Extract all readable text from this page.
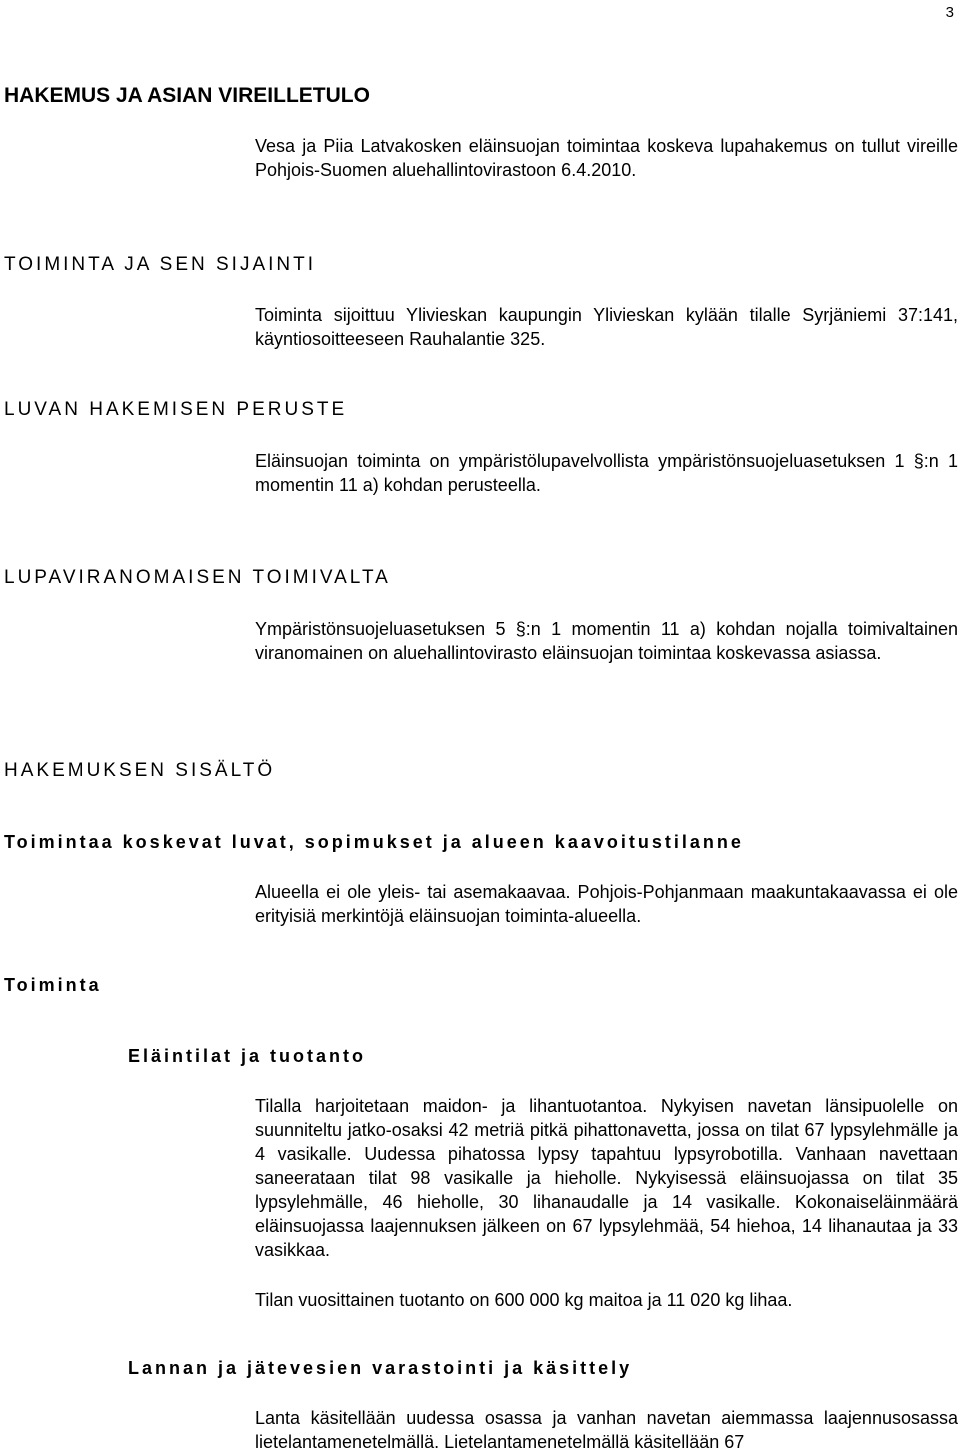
3
HAKEMUS JA ASIAN VIREILLETULO

Vesa ja Piia Latvakosken eläinsuojan toimintaa koskeva lupahakemus on tullut vireille Pohjois-Suomen aluehallintovirastoon 6.4.2010.

TOIMINTA JA SEN SIJAINTI

Toiminta sijoittuu Ylivieskan kaupungin Ylivieskan kylään tilalle Syrjäniemi 37:141, käyntiosoitteeseen Rauhalantie 325.

LUVAN HAKEMISEN PERUSTE

Eläinsuojan toiminta on ympäristölupavelvollista ympäristönsuojeluasetuksen 1 §:n 1 momentin 11 a) kohdan perusteella.

LUPAVIRANOMAISEN TOIMIVALTA

Ympäristönsuojeluasetuksen 5 §:n 1 momentin 11 a) kohdan nojalla toimivaltainen viranomainen on aluehallintovirasto eläinsuojan toimintaa koskevassa asiassa.

HAKEMUKSEN SISÄLTÖ
Toimintaa koskevat luvat, sopimukset ja alueen kaavoitustilanne

Alueella ei ole yleis- tai asemakaavaa. Pohjois-Pohjanmaan maakuntakaavassa ei ole erityisiä merkintöjä eläinsuojan toiminta-alueella.

Toiminta
Eläintilat ja tuotanto

Tilalla harjoitetaan maidon- ja lihantuotantoa. Nykyisen navetan länsipuolelle on suunniteltu jatko-osaksi 42 metriä pitkä pihattonavetta, jossa on tilat 67 lypsylehmälle ja 4 vasikalle. Uudessa pihatossa lypsy tapahtuu lypsyrobotilla. Vanhaan navettaan saneerataan tilat 98 vasikalle ja hieholle. Nykyisessä eläinsuojassa on tilat 35 lypsylehmälle, 46 hieholle, 30 lihanaudalle ja 14 vasikalle. Kokonaiseläinmäärä eläinsuojassa laajennuksen jälkeen on 67 lypsylehmää, 54 hiehoa, 14 lihanautaa ja 33 vasikkaa.

Tilan vuosittainen tuotanto on 600 000 kg maitoa ja 11 020 kg lihaa.

Lannan ja jätevesien varastointi ja käsittely

Lanta käsitellään uudessa osassa ja vanhan navetan aiemmassa laajennusosassa lietelantamenetelmällä. Lietelantamenetelmällä käsitellään 67
